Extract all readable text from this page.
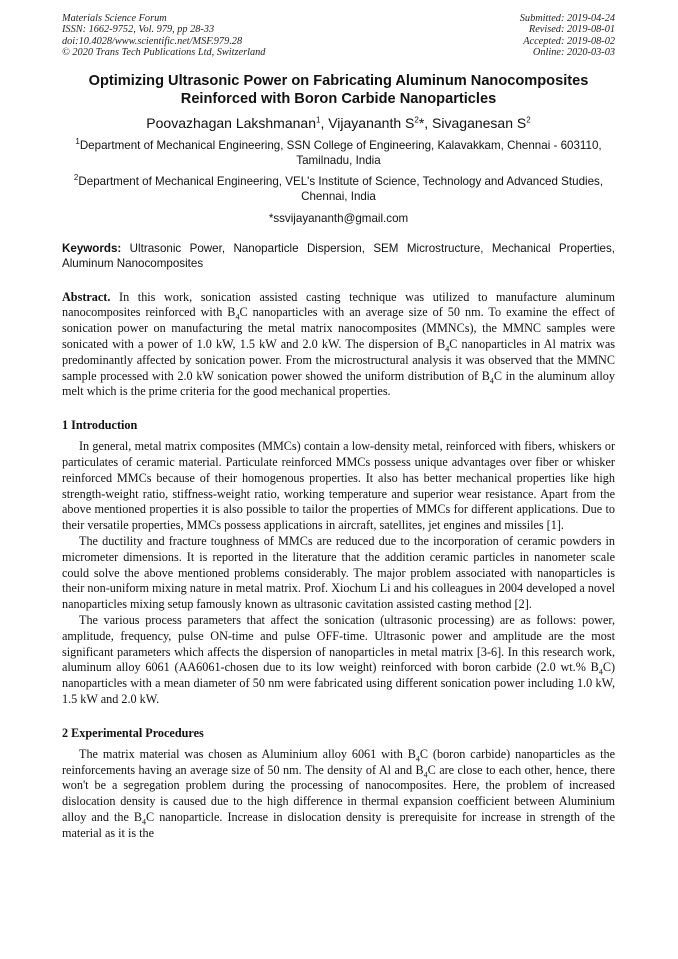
Materials Science Forum
ISSN: 1662-9752, Vol. 979, pp 28-33
doi:10.4028/www.scientific.net/MSF.979.28
© 2020 Trans Tech Publications Ltd, Switzerland
Submitted: 2019-04-24
Revised: 2019-08-01
Accepted: 2019-08-02
Online: 2020-03-03
Optimizing Ultrasonic Power on Fabricating Aluminum Nanocomposites
Reinforced with Boron Carbide Nanoparticles
Poovazhagan Lakshmanan$^1$, Vijayananth $S^2*$, Sivaganesan $S^2$
$^1$Department of Mechanical Engineering, SSN College of Engineering, Kalavakkam, Chennai - 603110, Tamilnadu, India
$^2$Department of Mechanical Engineering, VEL's Institute of Science, Technology and Advanced Studies, Chennai, India
*ssvijayananth@gmail.com
Keywords: Ultrasonic Power, Nanoparticle Dispersion, SEM Microstructure, Mechanical Properties, Aluminum Nanocomposites
Abstract. In this work, sonication assisted casting technique was utilized to manufacture aluminum nanocomposites reinforced with $B_4C$ nanoparticles with an average size of 50 nm. To examine the effect of sonication power on manufacturing the metal matrix nanocomposites (MMNCs), the MMNC samples were sonicated with a power of 1.0 kW, 1.5 kW and 2.0 kW. The dispersion of $B_4C$ nanoparticles in Al matrix was predominantly affected by sonication power. From the microstructural analysis it was observed that the MMNC sample processed with 2.0 kW sonication power showed the uniform distribution of $B_4C$ in the aluminum alloy melt which is the prime criteria for the good mechanical properties.
1 Introduction

In general, metal matrix composites (MMCs) contain a low-density metal, reinforced with fibers, whiskers or particulates of ceramic material. Particulate reinforced MMCs possess unique advantages over fiber or whisker reinforced MMCs because of their homogenous properties. It also has better mechanical properties like high strength-weight ratio, stiffness-weight ratio, working temperature and superior wear resistance. Apart from the above mentioned properties it is also possible to tailor the properties of MMCs for different applications. Due to their versatile properties, MMCs possess applications in aircraft, satellites, jet engines and missiles [1].

The ductility and fracture toughness of MMCs are reduced due to the incorporation of ceramic powders in micrometer dimensions. It is reported in the literature that the addition ceramic particles in nanometer scale could solve the above mentioned problems considerably. The major problem associated with nanoparticles is their non-uniform mixing nature in metal matrix. Prof. Xiochum Li and his colleagues in 2004 developed a novel nanoparticles mixing setup famously known as ultrasonic cavitation assisted casting method [2].

The various process parameters that affect the sonication (ultrasonic processing) are as follows: power, amplitude, frequency, pulse ON-time and pulse OFF-time. Ultrasonic power and amplitude are the most significant parameters which affects the dispersion of nanoparticles in metal matrix [3-6]. In this research work, aluminum alloy 6061 (AA6061-chosen due to its low weight) reinforced with boron carbide (2.0 wt.% $B_4C$) nanoparticles with a mean diameter of 50 nm were fabricated using different sonication power including 1.0 kW, 1.5 kW and 2.0 kW.

2 Experimental Procedures

The matrix material was chosen as Aluminium alloy 6061 with $B_4C$ (boron carbide) nanoparticles as the reinforcements having an average size of 50 nm. The density of Al and $B_4C$ are close to each other, hence, there won't be a segregation problem during the processing of nanocomposites. Here, the problem of increased dislocation density is caused due to the high difference in thermal expansion coefficient between Aluminium alloy and the $B_4C$ nanoparticle. Increase in dislocation density is prerequisite for increase in strength of the material as it is the
